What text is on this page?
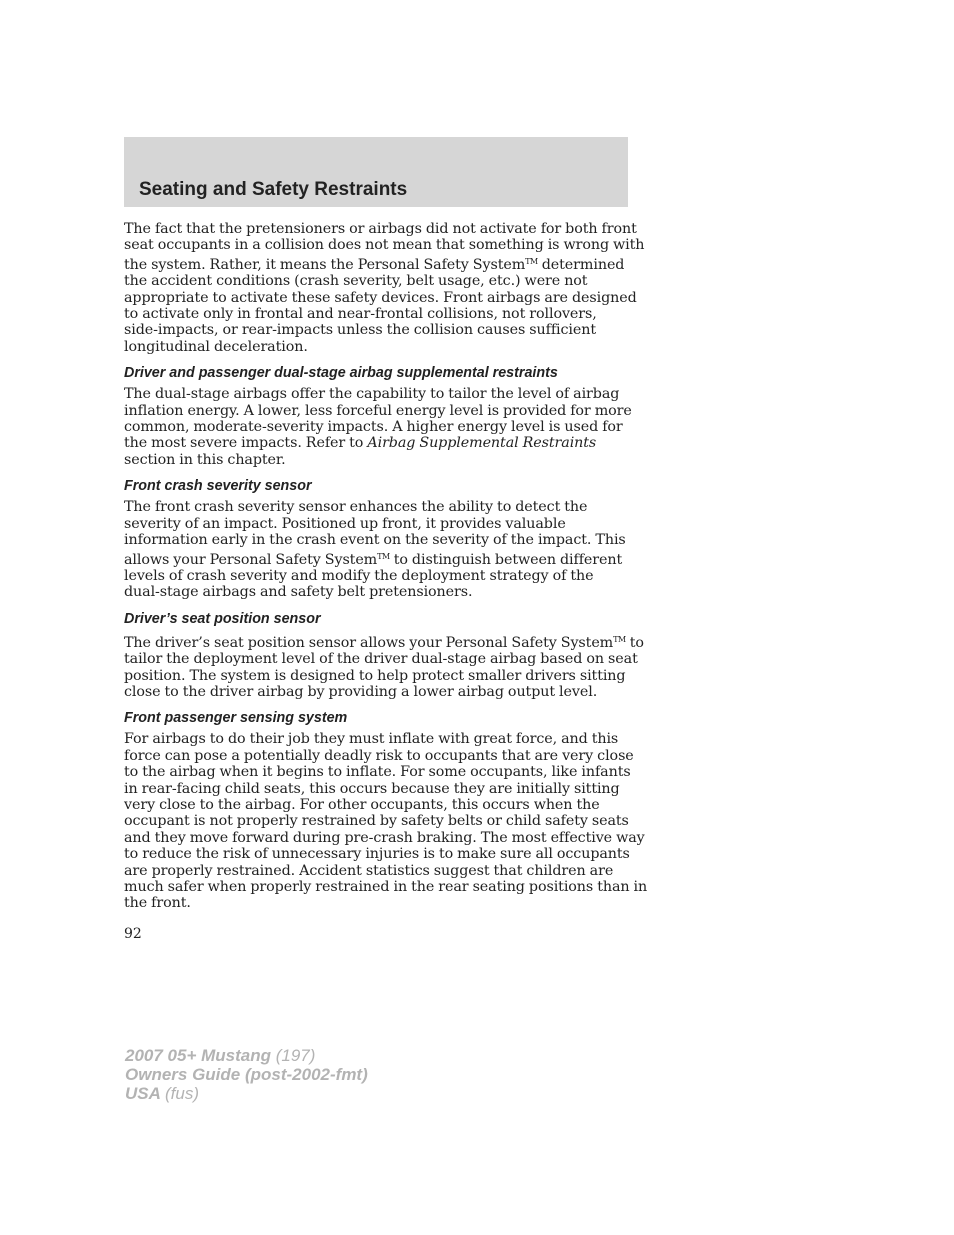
Seating and Safety Restraints

The fact that the pretensioners or airbags did not activate for both front
seat occupants in a collision does not mean that something is wrong with
the system. Rather, it means the Personal Safety System™ determined
the accident conditions (crash severity, belt usage, etc.) were not
appropriate to activate these safety devices. Front airbags are designed
to activate only in frontal and near-frontal collisions, not rollovers,
side-impacts, or rear-impacts unless the collision causes sufficient
longitudinal deceleration.

Driver and passenger dual-stage airbag supplemental restraints

The dual-stage airbags offer the capability to tailor the level of airbag
inflation energy. A lower, less forceful energy level is provided for more
common, moderate-severity impacts. A higher energy level is used for
the most severe impacts. Refer to Airbag Supplemental Restraints
section in this chapter.

Front crash severity sensor

The front crash severity sensor enhances the ability to detect the
severity of an impact. Positioned up front, it provides valuable
information early in the crash event on the severity of the impact. This
allows your Personal Safety System™ to distinguish between different
levels of crash severity and modify the deployment strategy of the
dual-stage airbags and safety belt pretensioners.

Driver’s seat position sensor

The driver’s seat position sensor allows your Personal Safety System™ to
tailor the deployment level of the driver dual-stage airbag based on seat
position. The system is designed to help protect smaller drivers sitting
close to the driver airbag by providing a lower airbag output level.

Front passenger sensing system

For airbags to do their job they must inflate with great force, and this
force can pose a potentially deadly risk to occupants that are very close
to the airbag when it begins to inflate. For some occupants, like infants
in rear-facing child seats, this occurs because they are initially sitting
very close to the airbag. For other occupants, this occurs when the
occupant is not properly restrained by safety belts or child safety seats
and they move forward during pre-crash braking. The most effective way
to reduce the risk of unnecessary injuries is to make sure all occupants
are properly restrained. Accident statistics suggest that children are
much safer when properly restrained in the rear seating positions than in
the front.

92

2007 05+ Mustang (197)
Owners Guide (post-2002-fmt)
USA (fus)
